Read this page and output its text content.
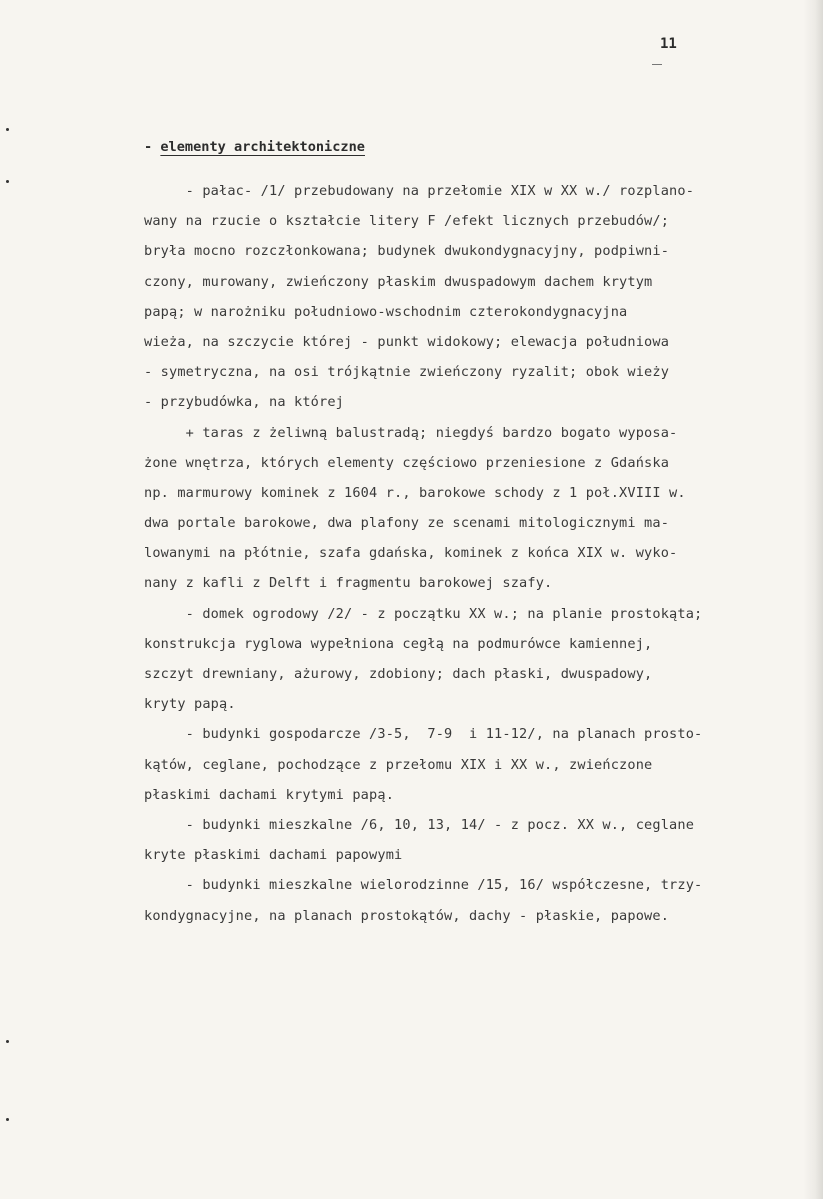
11
- elementy architektoniczne
- pałac- /1/ przebudowany na przełomie XIX w XX w./ rozplano-
wany na rzucie o kształcie litery F /efekt licznych przebudów/;
bryła mocno rozczłonkowana; budynek dwukondygnacyjny, podpiwni-
czony, murowany, zwieńczony płaskim dwuspadowym dachem krytym
papą; w narożniku południowo-wschodnim czterokondygnacyjna
wieża, na szczycie której - punkt widokowy; elewacja południowa
- symetryczna, na osi trójkątnie zwieńczony ryzalit; obok wieży
- przybudówka, na której
+ taras z żeliwną balustradą; niegdyś bardzo bogato wyposa-
żone wnętrza, których elementy częściowo przeniesione z Gdańska
np. marmurowy kominek z 1604 r., barokowe schody z 1 poł.XVIII w.
dwa portale barokowe, dwa plafony ze scenami mitologicznymi ma-
lowanymi na płótnie, szafa gdańska, kominek z końca XIX w. wyko-
nany z kafli z Delft i fragmentu barokowej szafy.
- domek ogrodowy /2/ - z początku XX w.; na planie prostokąta;
konstrukcja ryglowa wypełniona cegłą na podmurówce kamiennej,
szczyt drewniany, ażurowy, zdobiony; dach płaski, dwuspadowy,
kryty papą.
- budynki gospodarcze /3-5,  7-9  i 11-12/, na planach prosto-
kątów, ceglane, pochodzące z przełomu XIX i XX w., zwieńczone
płaskimi dachami krytymi papą.
- budynki mieszkalne /6, 10, 13, 14/ - z pocz. XX w., ceglane
kryte płaskimi dachami papowymi
- budynki mieszkalne wielorodzinne /15, 16/ współczesne, trzy-
kondygnacyjne, na planach prostokątów, dachy - płaskie, papowe.
